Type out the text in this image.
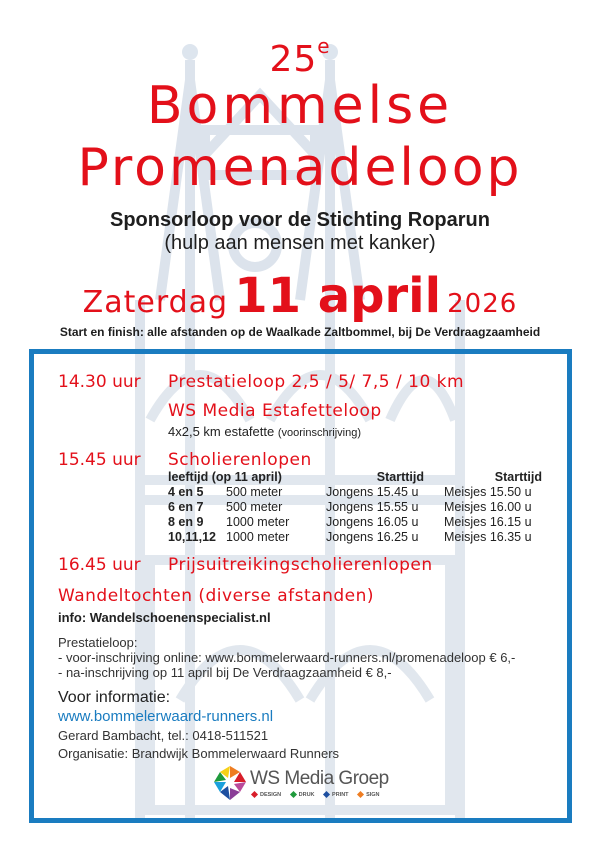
25e
Bommelse
Promenadeloop
Sponsorloop voor de Stichting Roparun
(hulp aan mensen met kanker)
Zaterdag 11 april 2026
Start en finish: alle afstanden op de Waalkade Zaltbommel, bij De Verdraagzaamheid
14.30 uur Prestatieloop 2,5 / 5/ 7,5 / 10 km
WS Media Estafetteloop
4x2,5 km estafette (voorinschrijving)
15.45 uur Scholierenlopen
leeftijd (op 11 april)		Starttijd	Starttijd
4 en 5	500 meter	Jongens 15.45 u	Meisjes 15.50 u
6 en 7	500 meter	Jongens 15.55 u	Meisjes 16.00 u
8 en 9	1000 meter	Jongens 16.05 u	Meisjes 16.15 u
10,11,12	1000 meter	Jongens 16.25 u	Meisjes 16.35 u
16.45 uur Prijsuitreikingscholierenlopen
Wandeltochten (diverse afstanden)
info: Wandelschoenenspecialist.nl
Prestatieloop:
- voor-inschrijving online: www.bommelerwaard-runners.nl/promenadeloop € 6,-
- na-inschrijving op 11 april bij De Verdraagzaamheid € 8,-
Voor informatie:
www.bommelerwaard-runners.nl
Gerard Bambacht, tel.: 0418-511521
Organisatie: Brandwijk Bommelerwaard Runners
WS Media Groep
DESIGN	DRUK	PRINT	SIGN
